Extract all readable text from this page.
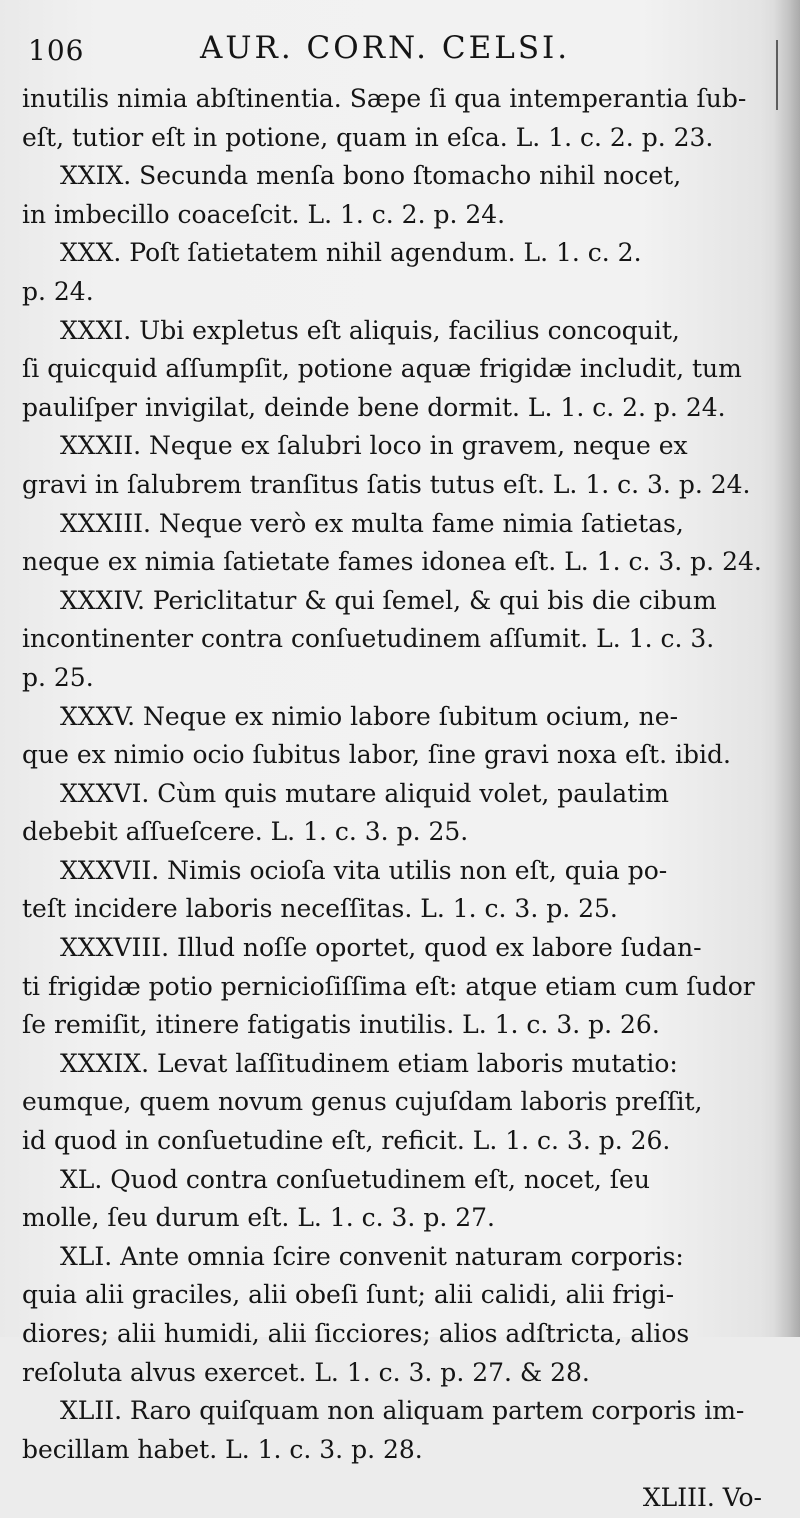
106	AUR. CORN. CELSI.
inutilis nimia abſtinentia. Sæpe ſi qua intemperantia ſub-
eſt, tutior eſt in potione, quam in eſca. L. 1. c. 2. p. 23.
XXIX. Secunda menſa bono ſtomacho nihil nocet,
in imbecillo coaceſcit. L. 1. c. 2. p. 24.
XXX. Poſt ſatietatem nihil agendum. L. 1. c. 2.
p. 24.
XXXI. Ubi expletus eſt aliquis, facilius concoquit,
ſi quicquid aſſumpſit, potione aquæ frigidæ includit, tum
pauliſper invigilat, deinde bene dormit. L. 1. c. 2. p. 24.
XXXII. Neque ex ſalubri loco in gravem, neque ex
gravi in ſalubrem tranſitus ſatis tutus eſt. L. 1. c. 3. p. 24.
XXXIII. Neque verò ex multa fame nimia ſatietas,
neque ex nimia ſatietate fames idonea eſt. L. 1. c. 3. p. 24.
XXXIV. Periclitatur & qui ſemel, & qui bis die cibum
incontinenter contra conſuetudinem aſſumit. L. 1. c. 3.
p. 25.
XXXV. Neque ex nimio labore ſubitum ocium, ne-
que ex nimio ocio ſubitus labor, ſine gravi noxa eſt. ibid.
XXXVI. Cùm quis mutare aliquid volet, paulatim
debebit aſſueſcere. L. 1. c. 3. p. 25.
XXXVII. Nimis ocioſa vita utilis non eſt, quia po-
teſt incidere laboris neceſſitas. L. 1. c. 3. p. 25.
XXXVIII. Illud noſſe oportet, quod ex labore ſudan-
ti frigidæ potio pernicioſiſſima eſt: atque etiam cum ſudor
ſe remiſit, itinere fatigatis inutilis. L. 1. c. 3. p. 26.
XXXIX. Levat laſſitudinem etiam laboris mutatio:
eumque, quem novum genus cujuſdam laboris preſſit,
id quod in conſuetudine eſt, reficit. L. 1. c. 3. p. 26.
XL. Quod contra conſuetudinem eſt, nocet, ſeu
molle, ſeu durum eſt. L. 1. c. 3. p. 27.
XLI. Ante omnia ſcire convenit naturam corporis:
quia alii graciles, alii obeſi ſunt; alii calidi, alii frigi-
diores; alii humidi, alii ſicciores; alios adſtricta, alios
reſoluta alvus exercet. L. 1. c. 3. p. 27. & 28.
XLII. Raro quiſquam non aliquam partem corporis im-
becillam habet. L. 1. c. 3. p. 28.
XLIII. Vo-
